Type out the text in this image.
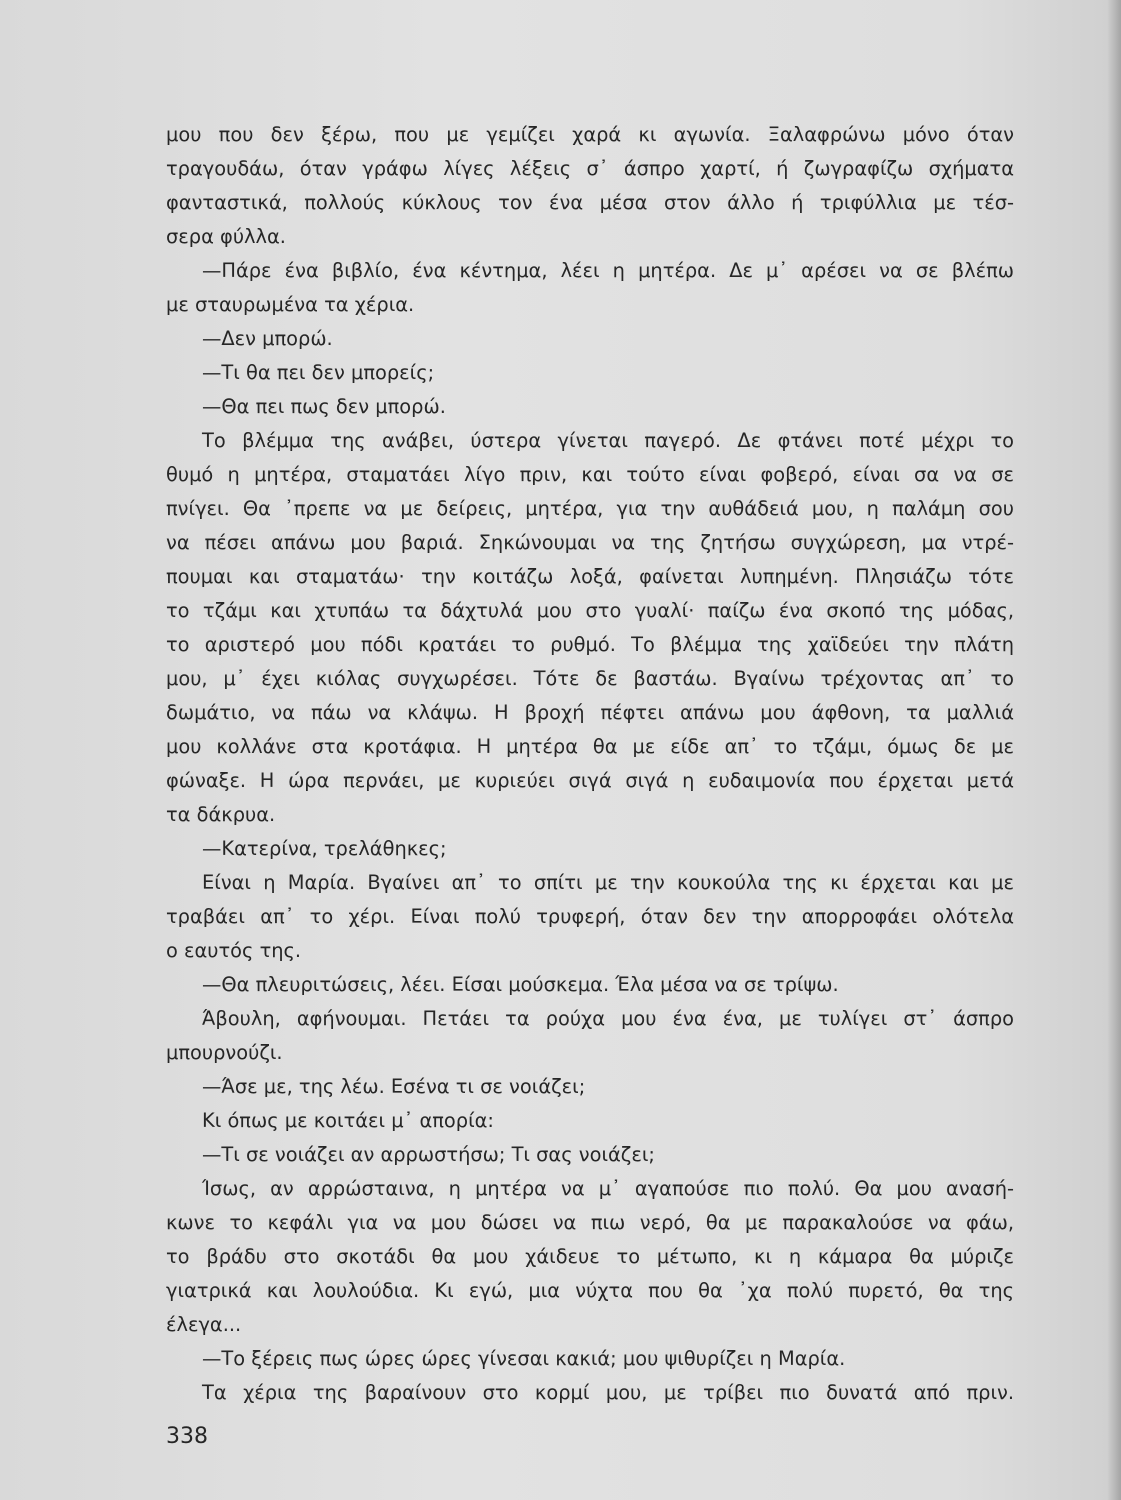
μου που δεν ξέρω, που με γεμίζει χαρά κι αγωνία. Ξαλαφρώνω μόνο όταν
τραγουδάω, όταν γράφω λίγες λέξεις σ᾽ άσπρο χαρτί, ή ζωγραφίζω σχήματα
φανταστικά, πολλούς κύκλους τον ένα μέσα στον άλλο ή τριφύλλια με τέσ-
σερα φύλλα.
—Πάρε ένα βιβλίο, ένα κέντημα, λέει η μητέρα. Δε μ᾽ αρέσει να σε βλέπω
με σταυρωμένα τα χέρια.
—Δεν μπορώ.
—Τι θα πει δεν μπορείς;
—Θα πει πως δεν μπορώ.
Το βλέμμα της ανάβει, ύστερα γίνεται παγερό. Δε φτάνει ποτέ μέχρι το
θυμό η μητέρα, σταματάει λίγο πριν, και τούτο είναι φοβερό, είναι σα να σε
πνίγει. Θα ᾽πρεπε να με δείρεις, μητέρα, για την αυθάδειά μου, η παλάμη σου
να πέσει απάνω μου βαριά. Σηκώνουμαι να της ζητήσω συγχώρεση, μα ντρέ-
πουμαι και σταματάω· την κοιτάζω λοξά, φαίνεται λυπημένη. Πλησιάζω τότε
το τζάμι και χτυπάω τα δάχτυλά μου στο γυαλί· παίζω ένα σκοπό της μόδας,
το αριστερό μου πόδι κρατάει το ρυθμό. Το βλέμμα της χαϊδεύει την πλάτη
μου, μ᾽ έχει κιόλας συγχωρέσει. Τότε δε βαστάω. Βγαίνω τρέχοντας απ᾽ το
δωμάτιο, να πάω να κλάψω. Η βροχή πέφτει απάνω μου άφθονη, τα μαλλιά
μου κολλάνε στα κροτάφια. Η μητέρα θα με είδε απ᾽ το τζάμι, όμως δε με
φώναξε. Η ώρα περνάει, με κυριεύει σιγά σιγά η ευδαιμονία που έρχεται μετά
τα δάκρυα.
—Κατερίνα, τρελάθηκες;
Είναι η Μαρία. Βγαίνει απ᾽ το σπίτι με την κουκούλα της κι έρχεται και με
τραβάει απ᾽ το χέρι. Είναι πολύ τρυφερή, όταν δεν την απορροφάει ολότελα
ο εαυτός της.
—Θα πλευριτώσεις, λέει. Είσαι μούσκεμα. Έλα μέσα να σε τρίψω.
Άβουλη, αφήνουμαι. Πετάει τα ρούχα μου ένα ένα, με τυλίγει στ᾽ άσπρο
μπουρνούζι.
—Άσε με, της λέω. Εσένα τι σε νοιάζει;
Κι όπως με κοιτάει μ᾽ απορία:
—Τι σε νοιάζει αν αρρωστήσω; Τι σας νοιάζει;
Ίσως, αν αρρώσταινα, η μητέρα να μ᾽ αγαπούσε πιο πολύ. Θα μου ανασή-
κωνε το κεφάλι για να μου δώσει να πιω νερό, θα με παρακαλούσε να φάω,
το βράδυ στο σκοτάδι θα μου χάιδευε το μέτωπο, κι η κάμαρα θα μύριζε
γιατρικά και λουλούδια. Κι εγώ, μια νύχτα που θα ᾽χα πολύ πυρετό, θα της
έλεγα...
—Το ξέρεις πως ώρες ώρες γίνεσαι κακιά; μου ψιθυρίζει η Μαρία.
Τα χέρια της βαραίνουν στο κορμί μου, με τρίβει πιο δυνατά από πριν.
338
